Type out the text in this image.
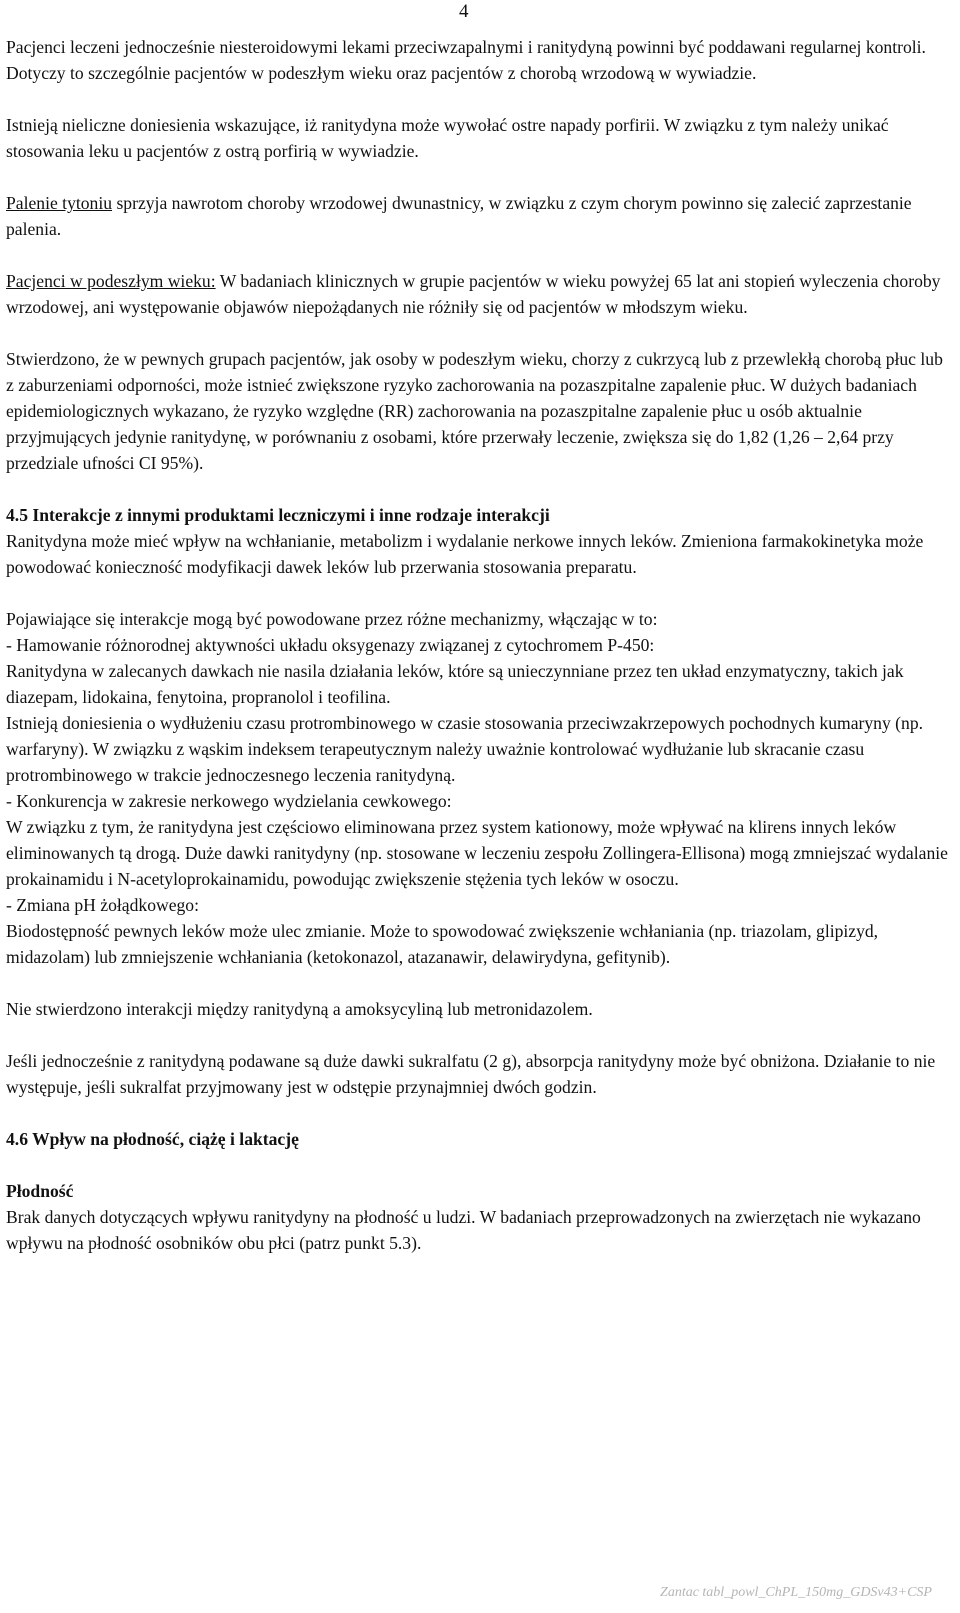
4

Pacjenci leczeni jednocześnie niesteroidowymi lekami przeciwzapalnymi i ranitydyną powinni być poddawani regularnej kontroli. Dotyczy to szczególnie pacjentów w podeszłym wieku oraz pacjentów z chorobą wrzodową w wywiadzie.

Istnieją nieliczne doniesienia wskazujące, iż ranitydyna może wywołać ostre napady porfirii. W związku z tym należy unikać stosowania leku u pacjentów z ostrą porfirią w wywiadzie.

Palenie tytoniu sprzyja nawrotom choroby wrzodowej dwunastnicy, w związku z czym chorym powinno się zalecić zaprzestanie palenia.

Pacjenci w podeszłym wieku: W badaniach klinicznych w grupie pacjentów w wieku powyżej 65 lat ani stopień wyleczenia choroby wrzodowej, ani występowanie objawów niepożądanych nie różniły się od pacjentów w młodszym wieku.

Stwierdzono, że w pewnych grupach pacjentów, jak osoby w podeszłym wieku, chorzy z cukrzycą lub z przewlekłą chorobą płuc lub z zaburzeniami odporności, może istnieć zwiększone ryzyko zachorowania na pozaszpitalne zapalenie płuc. W dużych badaniach epidemiologicznych wykazano, że ryzyko względne (RR) zachorowania na pozaszpitalne zapalenie płuc u osób aktualnie przyjmujących jedynie ranitydynę, w porównaniu z osobami, które przerwały leczenie, zwiększa się do 1,82 (1,26 – 2,64 przy przedziale ufności CI 95%).

4.5 Interakcje z innymi produktami leczniczymi i inne rodzaje interakcji

Ranitydyna może mieć wpływ na wchłanianie, metabolizm i wydalanie nerkowe innych leków. Zmieniona farmakokinetyka może powodować konieczność modyfikacji dawek leków lub przerwania stosowania preparatu.

Pojawiające się interakcje mogą być powodowane przez różne mechanizmy, włączając w to:

- Hamowanie różnorodnej aktywności układu oksygenazy związanej z cytochromem P-450:

Ranitydyna w zalecanych dawkach nie nasila działania leków, które są unieczynniane przez ten układ enzymatyczny, takich jak diazepam, lidokaina, fenytoina, propranolol i teofilina.

Istnieją doniesienia o wydłużeniu czasu protrombinowego w czasie stosowania przeciwzakrzepowych pochodnych kumaryny (np. warfaryny). W związku z wąskim indeksem terapeutycznym należy uważnie kontrolować wydłużanie lub skracanie czasu protrombinowego w trakcie jednoczesnego leczenia ranitydyną.

- Konkurencja w zakresie nerkowego wydzielania cewkowego:

W związku z tym, że ranitydyna jest częściowo eliminowana przez system kationowy, może wpływać na klirens innych leków eliminowanych tą drogą. Duże dawki ranitydyny (np. stosowane w leczeniu zespołu Zollingera-Ellisona) mogą zmniejszać wydalanie prokainamidu i N-acetyloprokainamidu, powodując zwiększenie stężenia tych leków w osoczu.

- Zmiana pH żołądkowego:

Biodostępność pewnych leków może ulec zmianie. Może to spowodować zwiększenie wchłaniania (np. triazolam, glipizyd, midazolam) lub zmniejszenie wchłaniania (ketokonazol, atazanawir, delawirydyna, gefitynib).

Nie stwierdzono interakcji między ranitydyną a amoksycyliną lub metronidazolem.

Jeśli jednocześnie z ranitydyną podawane są duże dawki sukralfatu (2 g), absorpcja ranitydyny może być obniżona. Działanie to nie występuje, jeśli sukralfat przyjmowany jest w odstępie przynajmniej dwóch godzin.

4.6 Wpływ na płodność, ciążę i laktację

Płodność

Brak danych dotyczących wpływu ranitydyny na płodność u ludzi. W badaniach przeprowadzonych na zwierzętach nie wykazano wpływu na płodność osobników obu płci (patrz punkt 5.3).

Zantac tabl_powl_ChPL_150mg_GDSv43+CSP
